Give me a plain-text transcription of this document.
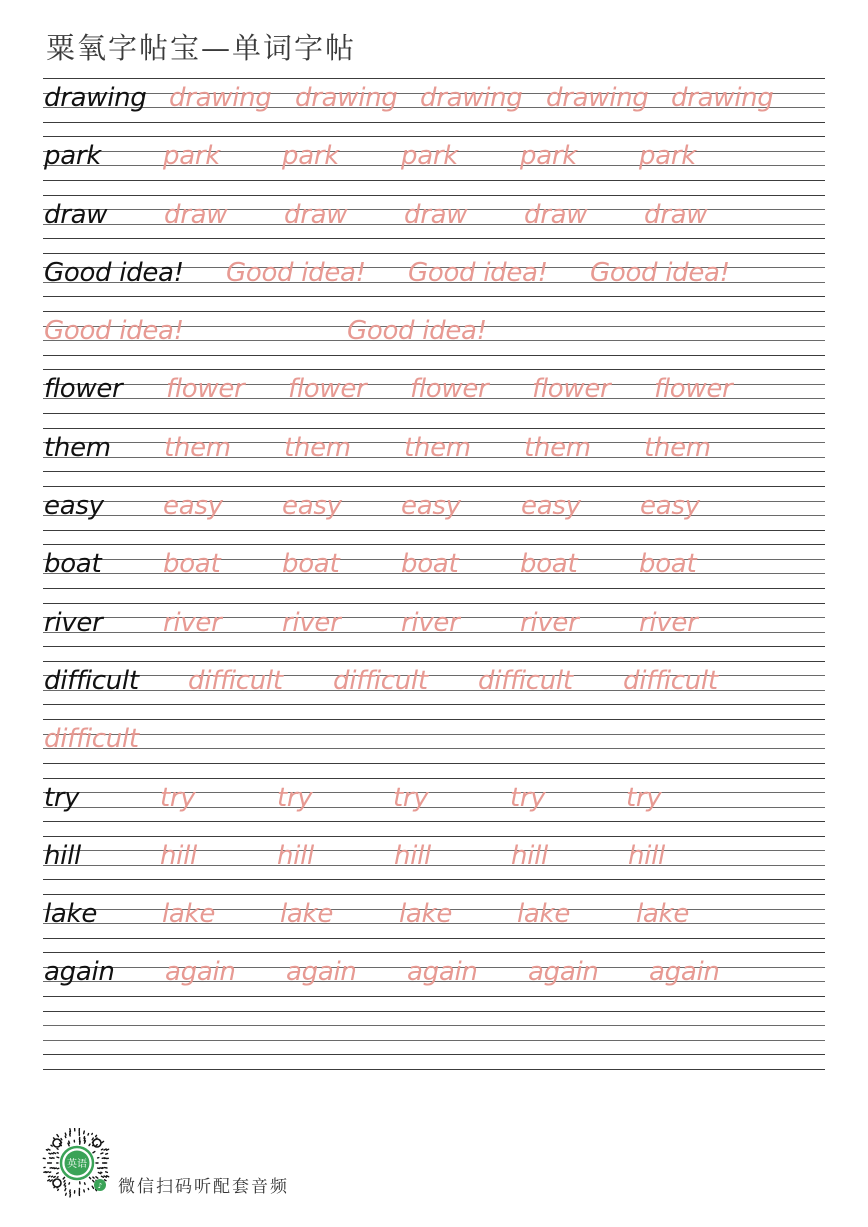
粟氧字帖宝—单词字帖
drawing drawing drawing drawing drawing drawing
park park park park park park
draw draw draw draw draw draw
Good idea! Good idea! Good idea! Good idea!
Good idea!	Good idea!
flower flower flower flower flower flower
them them them them them them
easy easy easy easy easy easy
boat boat boat boat boat boat
river river river river river river
difficult difficult difficult difficult difficult
difficult
try	try	try	try	try	try
hill	hill	hill	hill	hill	hill
lake lake lake	lake lake	lake
again again again again again again
英语
♪ 微信扫码听配套音频
